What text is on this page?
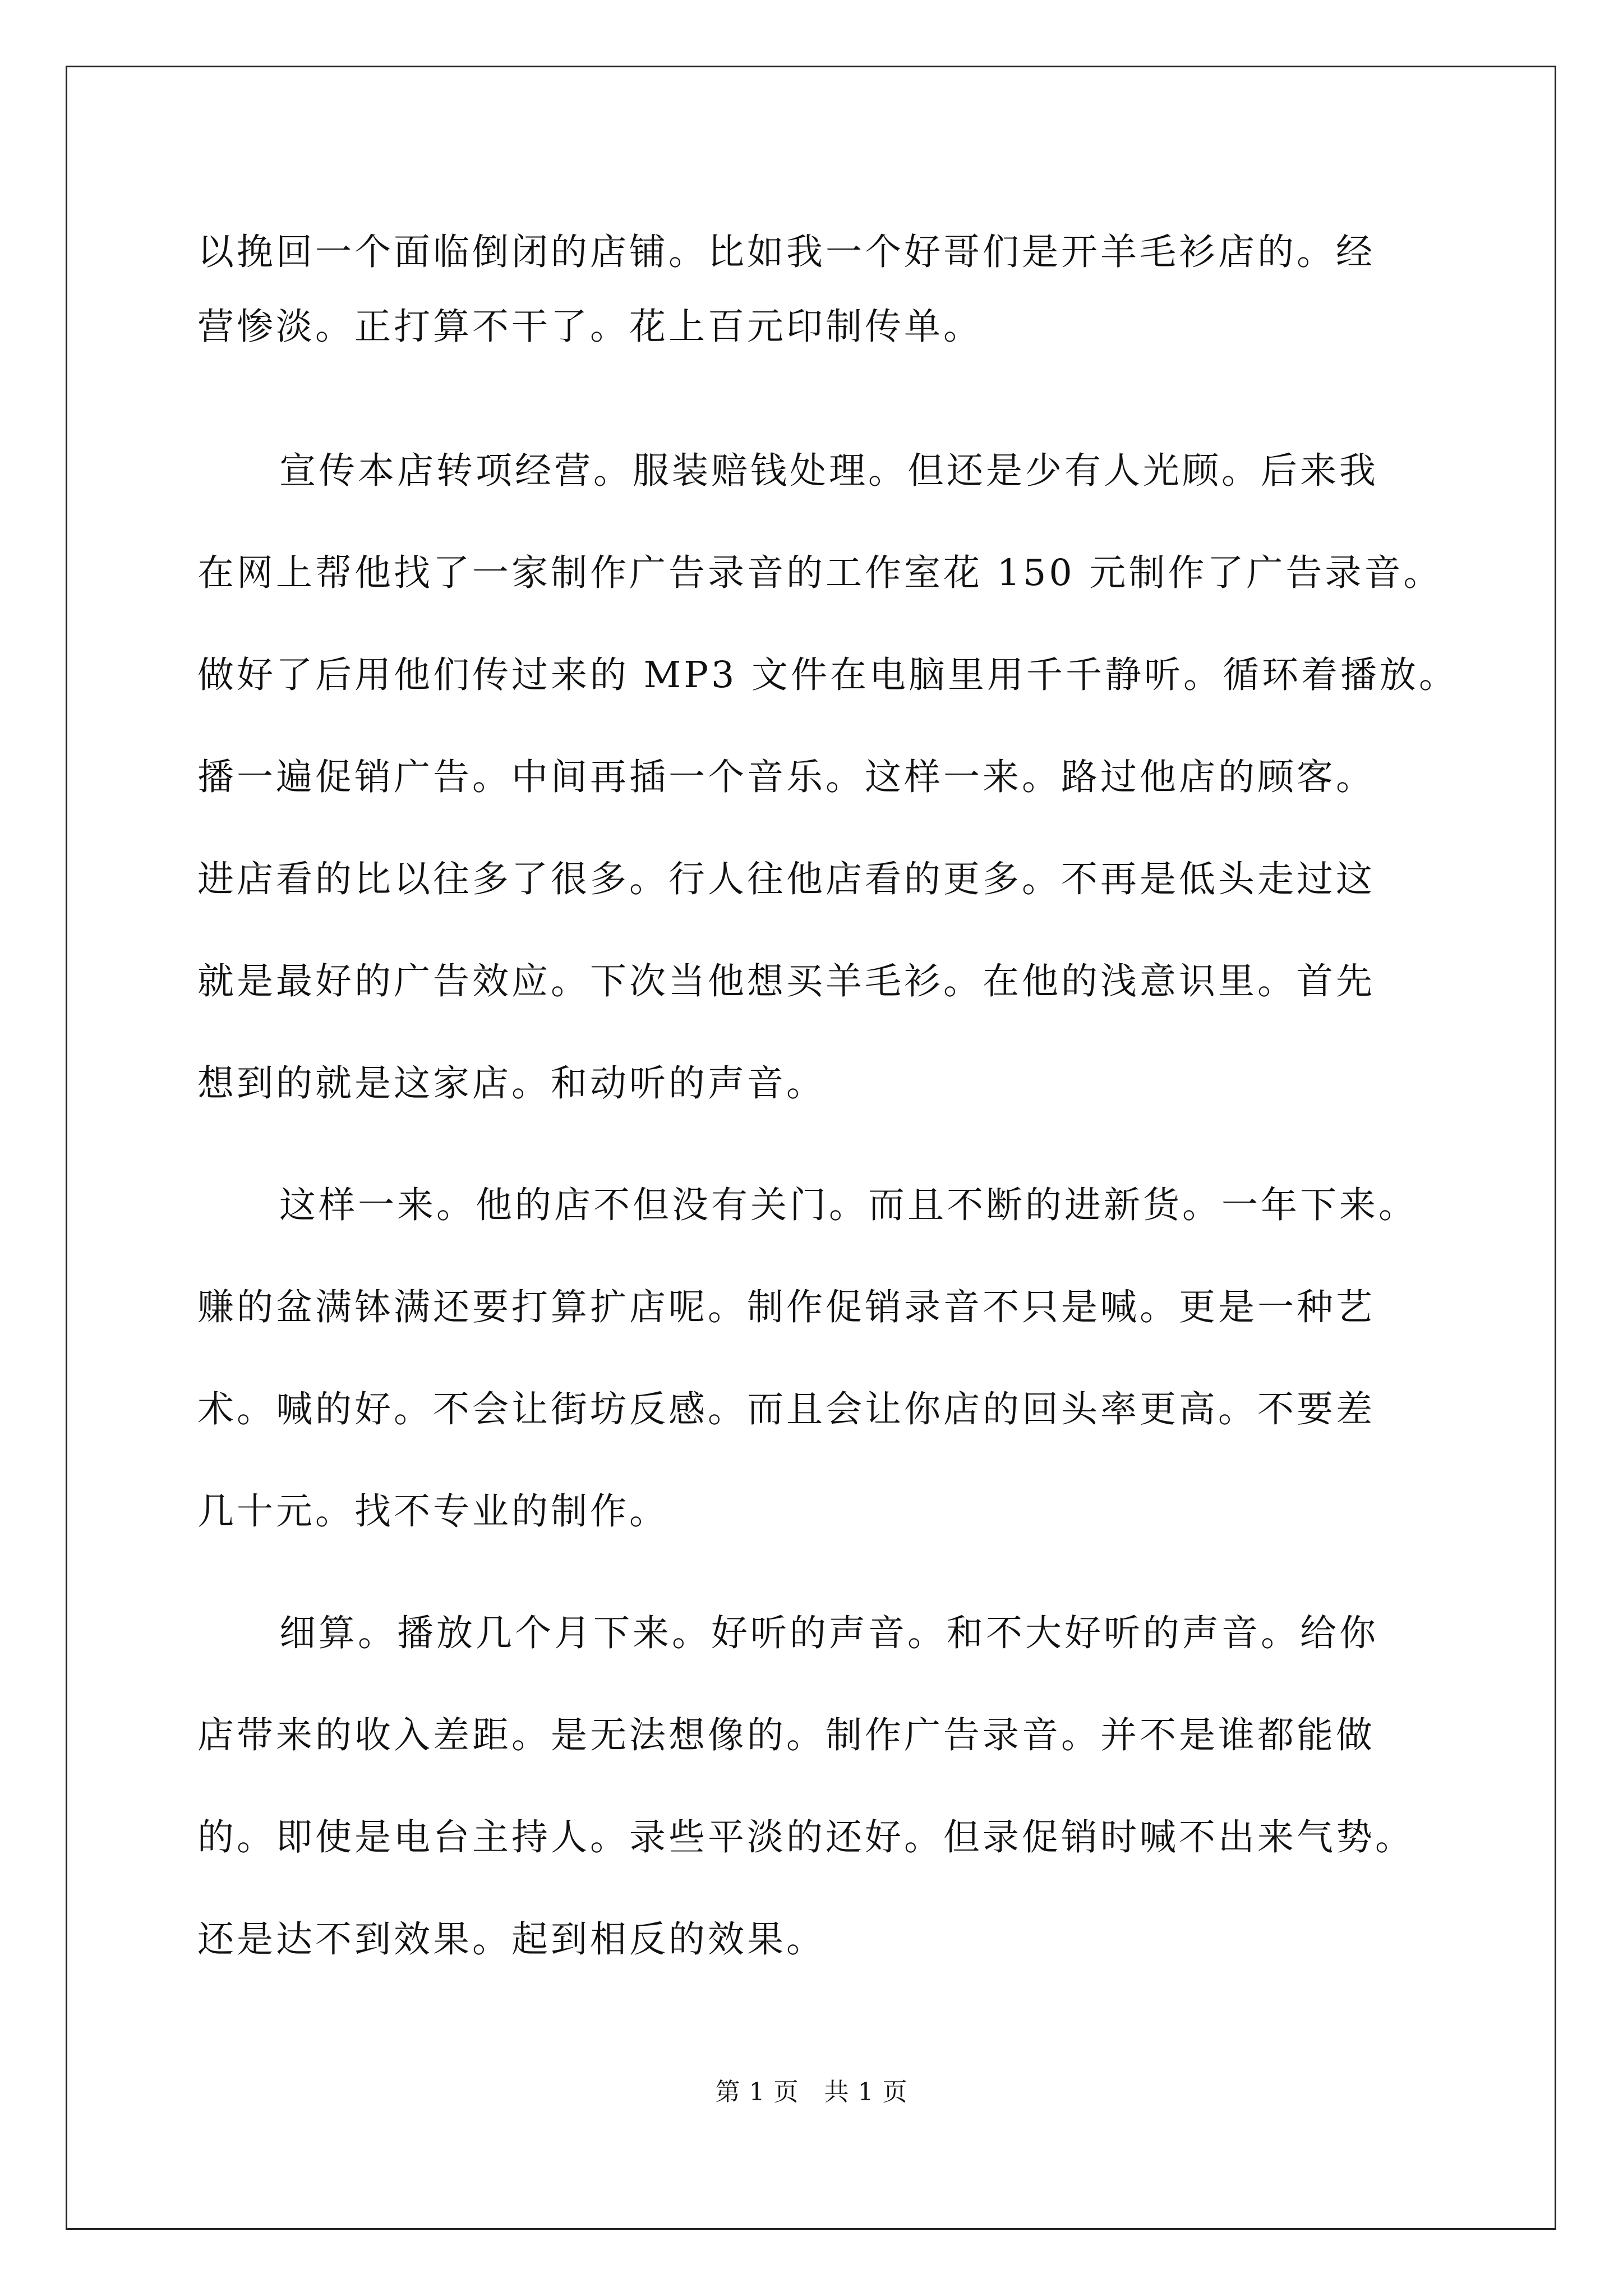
以挽回一个面临倒闭的店铺。比如我一个好哥们是开羊毛衫店的。经
营惨淡。正打算不干了。花上百元印制传单。
宣传本店转项经营。服装赔钱处理。但还是少有人光顾。后来我
在网上帮他找了一家制作广告录音的工作室花 150 元制作了广告录音。
做好了后用他们传过来的 MP3 文件在电脑里用千千静听。循环着播放。
播一遍促销广告。中间再插一个音乐。这样一来。路过他店的顾客。
进店看的比以往多了很多。行人往他店看的更多。不再是低头走过这
就是最好的广告效应。下次当他想买羊毛衫。在他的浅意识里。首先
想到的就是这家店。和动听的声音。
这样一来。他的店不但没有关门。而且不断的进新货。一年下来。
赚的盆满钵满还要打算扩店呢。制作促销录音不只是喊。更是一种艺
术。喊的好。不会让街坊反感。而且会让你店的回头率更高。不要差
几十元。找不专业的制作。
细算。播放几个月下来。好听的声音。和不大好听的声音。给你
店带来的收入差距。是无法想像的。制作广告录音。并不是谁都能做
的。即使是电台主持人。录些平淡的还好。但录促销时喊不出来气势。
还是达不到效果。起到相反的效果。
第 1 页　共 1 页
